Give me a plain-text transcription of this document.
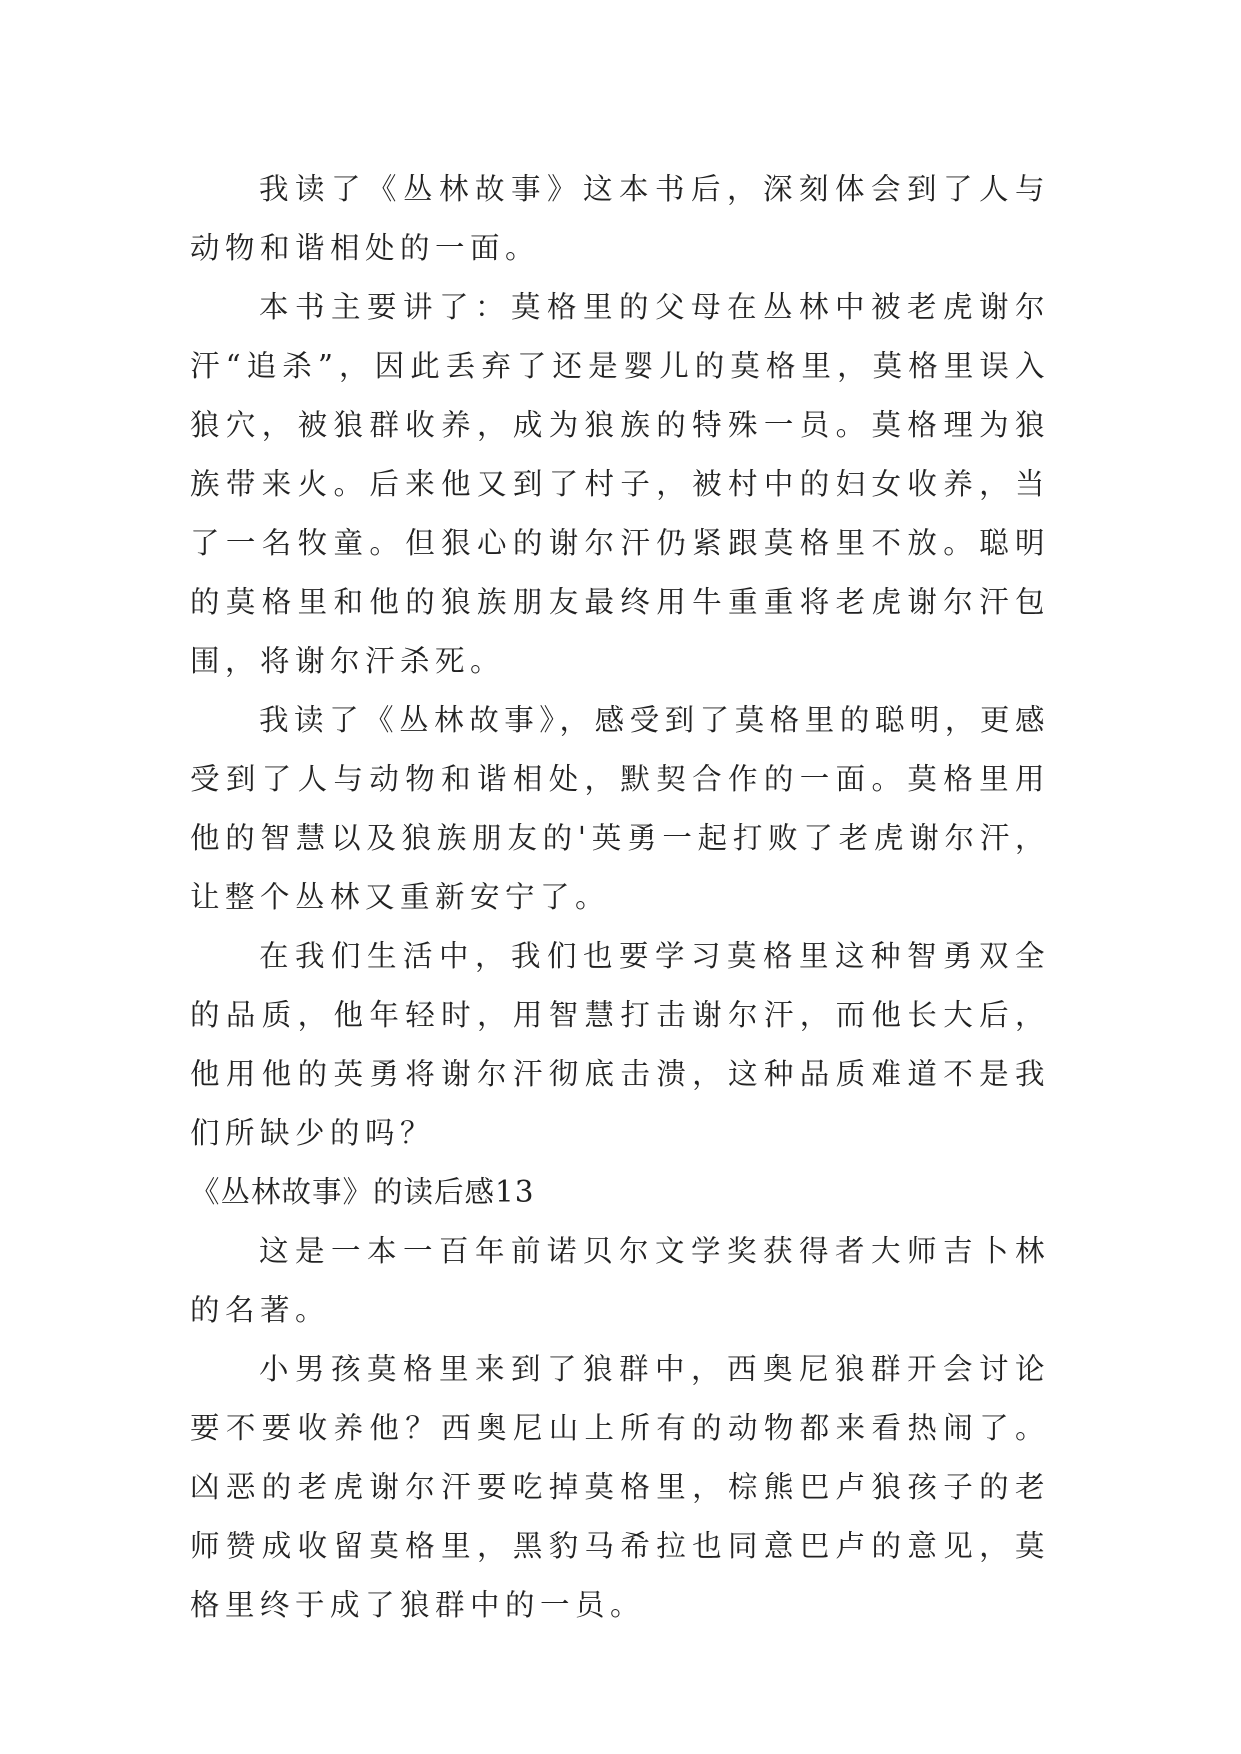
我读了《丛林故事》这本书后，深刻体会到了人与动物和谐相处的一面。

本书主要讲了：莫格里的父母在丛林中被老虎谢尔汗“追杀”，因此丢弃了还是婴儿的莫格里，莫格里误入狼穴，被狼群收养，成为狼族的特殊一员。莫格理为狼族带来火。后来他又到了村子，被村中的妇女收养，当了一名牧童。但狠心的谢尔汗仍紧跟莫格里不放。聪明的莫格里和他的狼族朋友最终用牛重重将老虎谢尔汗包围，将谢尔汗杀死。

我读了《丛林故事》，感受到了莫格里的聪明，更感受到了人与动物和谐相处，默契合作的一面。莫格里用他的智慧以及狼族朋友的'英勇一起打败了老虎谢尔汗，让整个丛林又重新安宁了。

在我们生活中，我们也要学习莫格里这种智勇双全的品质，他年轻时，用智慧打击谢尔汗，而他长大后，他用他的英勇将谢尔汗彻底击溃，这种品质难道不是我们所缺少的吗？

《丛林故事》的读后感13

这是一本一百年前诺贝尔文学奖获得者大师吉卜林的名著。

小男孩莫格里来到了狼群中，西奥尼狼群开会讨论要不要收养他？西奥尼山上所有的动物都来看热闹了。凶恶的老虎谢尔汗要吃掉莫格里，棕熊巴卢狼孩子的老师赞成收留莫格里，黑豹马希拉也同意巴卢的意见，莫格里终于成了狼群中的一员。
